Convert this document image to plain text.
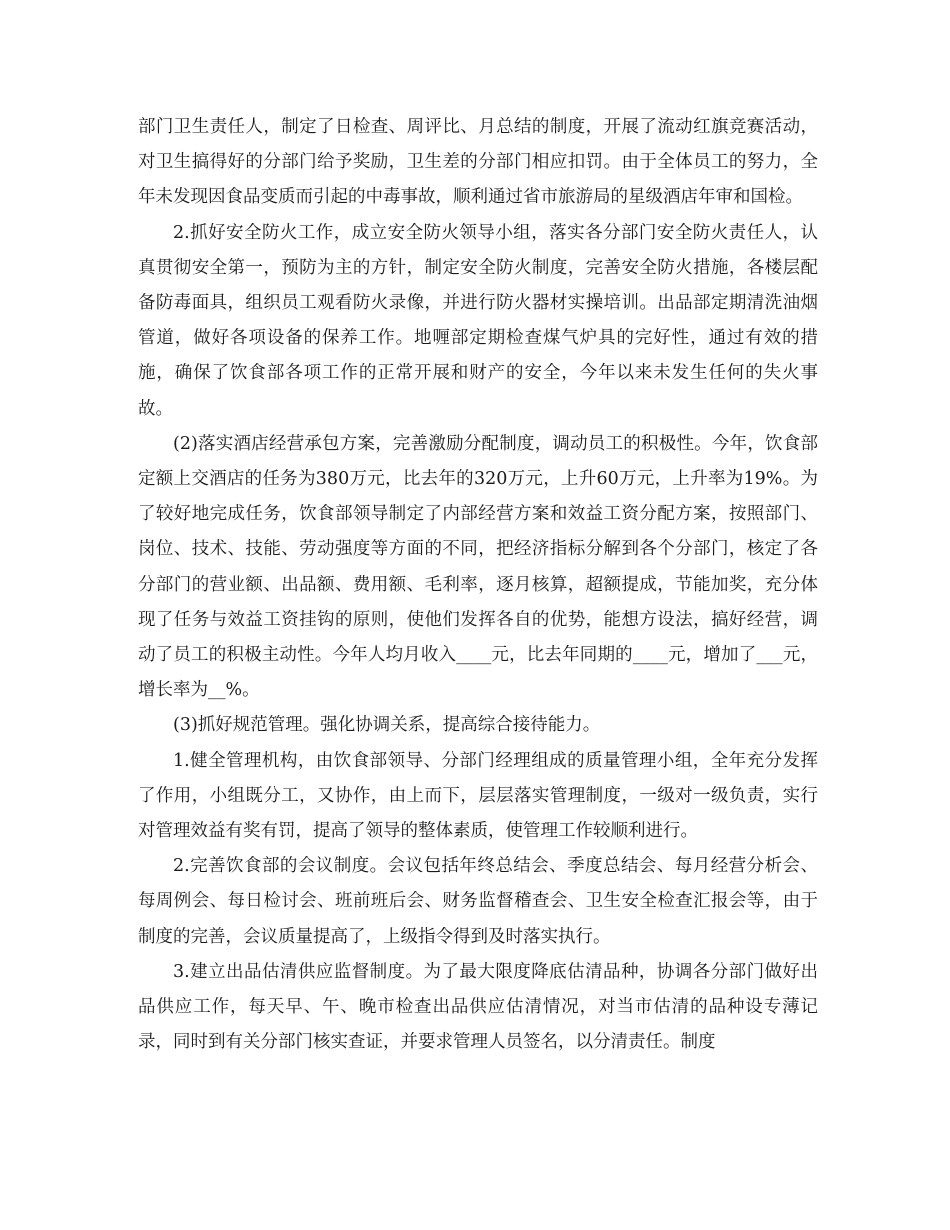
部门卫生责任人，制定了日检查、周评比、月总结的制度，开展了流动红旗竞赛活动，对卫生搞得好的分部门给予奖励，卫生差的分部门相应扣罚。由于全体员工的努力，全年未发现因食品变质而引起的中毒事故，顺利通过省市旅游局的星级酒店年审和国检。

2.抓好安全防火工作，成立安全防火领导小组，落实各分部门安全防火责任人，认真贯彻安全第一，预防为主的方针，制定安全防火制度，完善安全防火措施，各楼层配备防毒面具，组织员工观看防火录像，并进行防火器材实操培训。出品部定期清洗油烟管道，做好各项设备的保养工作。地喱部定期检查煤气炉具的完好性，通过有效的措施，确保了饮食部各项工作的正常开展和财产的安全，今年以来未发生任何的失火事故。

(2)落实酒店经营承包方案，完善激励分配制度，调动员工的积极性。今年，饮食部定额上交酒店的任务为380万元，比去年的320万元，上升60万元，上升率为19%。为了较好地完成任务，饮食部领导制定了内部经营方案和效益工资分配方案，按照部门、岗位、技术、技能、劳动强度等方面的不同，把经济指标分解到各个分部门，核定了各分部门的营业额、出品额、费用额、毛利率，逐月核算，超额提成，节能加奖，充分体现了任务与效益工资挂钩的原则，使他们发挥各自的优势，能想方设法，搞好经营，调动了员工的积极主动性。今年人均月收入____元，比去年同期的____元，增加了___元，增长率为__%。

(3)抓好规范管理。强化协调关系，提高综合接待能力。

1.健全管理机构，由饮食部领导、分部门经理组成的质量管理小组，全年充分发挥了作用，小组既分工，又协作，由上而下，层层落实管理制度，一级对一级负责，实行对管理效益有奖有罚，提高了领导的整体素质，使管理工作较顺利进行。

2.完善饮食部的会议制度。会议包括年终总结会、季度总结会、每月经营分析会、每周例会、每日检讨会、班前班后会、财务监督稽查会、卫生安全检查汇报会等，由于制度的完善，会议质量提高了，上级指令得到及时落实执行。

3.建立出品估清供应监督制度。为了最大限度降底估清品种，协调各分部门做好出品供应工作，每天早、午、晚市检查出品供应估清情况，对当市估清的品种设专薄记录，同时到有关分部门核实查证，并要求管理人员签名，以分清责任。制度
